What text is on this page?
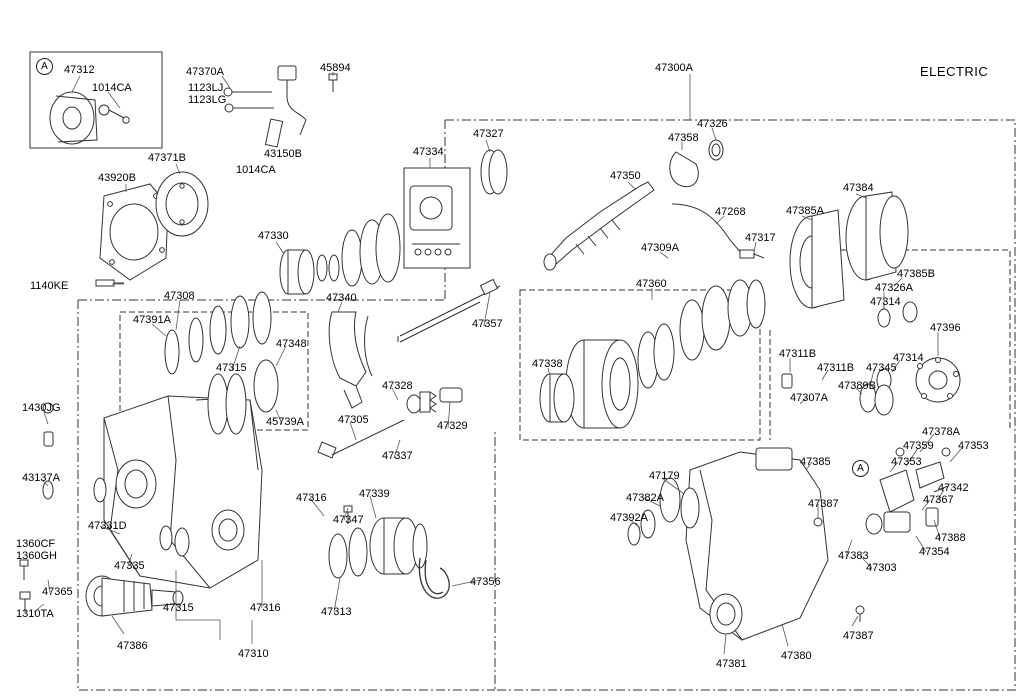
A
A
ELECTRIC
47312
1014CA
47370A	45894
1123LJ
1123LG
47300A
47326
47358
47327
47334
43150B
1014CA
47371B
43920B	47350
47384
47385A
47268
47330	47317
47309A
1140KE
47385B
47326A
47360
47308	47314
47340
47391A
47396
47357
47348
47338
47311B	47314
47315	47311B 47345
47389B
47328
47307A
45739A	47305	47329
1430JG
47378A
47359 47353
47337
47179
47385	47353
43137A
47342
47382A
47316	47339	47367
47387
47392A
47347
47331D
1360CF
1360GH
47388
47354
47335
47383
47303
47365
47356
1310TA	47315	47316	47313
47386
47310
47387
47381
47380
